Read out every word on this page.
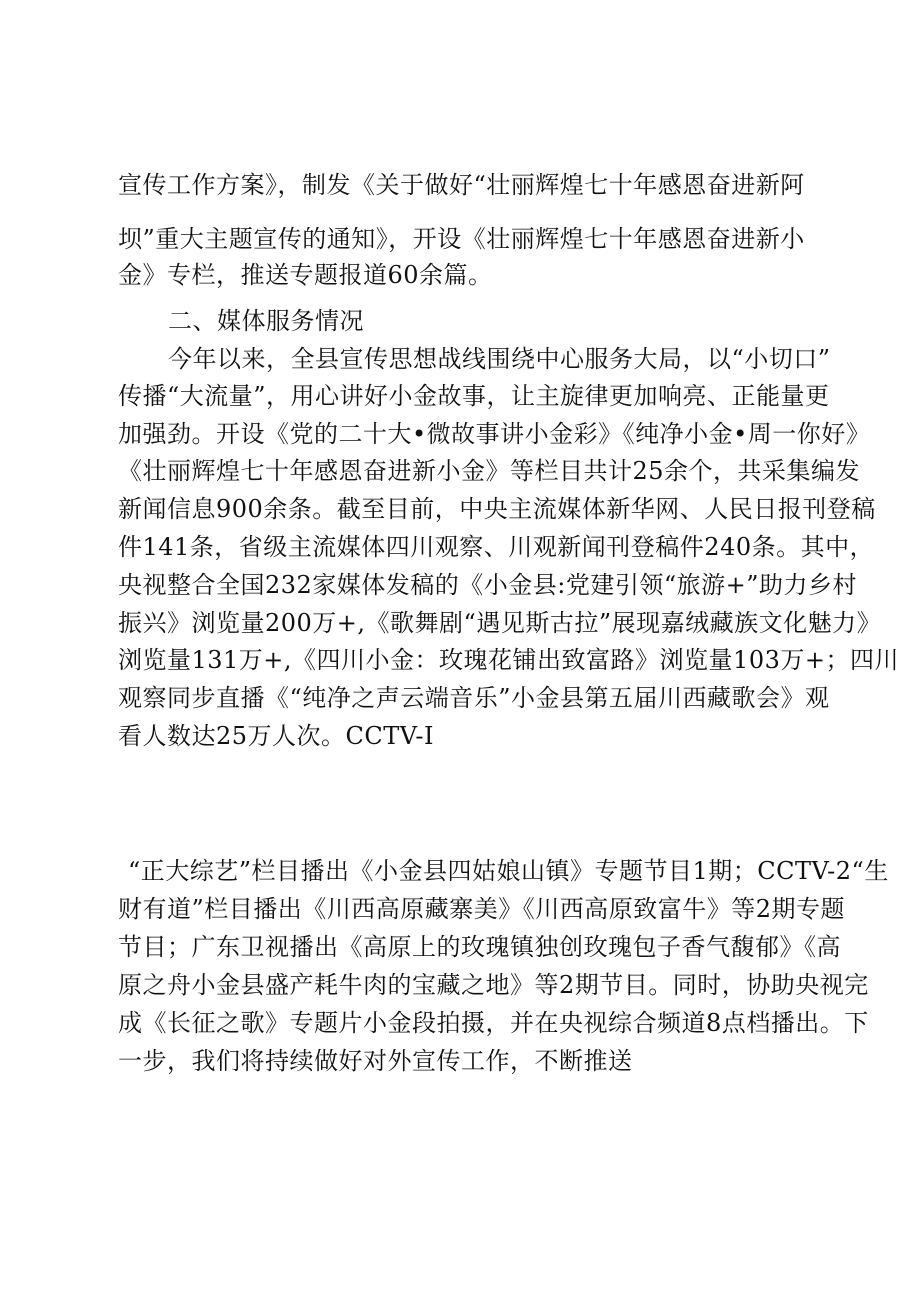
宣传工作方案》，制发《关于做好“壮丽辉煌七十年感恩奋进新阿
坝”重大主题宣传的通知》，开设《壮丽辉煌七十年感恩奋进新小
金》专栏，推送专题报道60余篇。
二、媒体服务情况
今年以来，全县宣传思想战线围绕中心服务大局，以“小切口”
传播“大流量”，用心讲好小金故事，让主旋律更加响亮、正能量更
加强劲。开设《党的二十大•微故事讲小金彩》《纯净小金•周一你好》
《壮丽辉煌七十年感恩奋进新小金》等栏目共计25余个，共采集编发
新闻信息900余条。截至目前，中央主流媒体新华网、人民日报刊登稿
件141条，省级主流媒体四川观察、川观新闻刊登稿件240条。其中，
央视整合全国232家媒体发稿的《小金县:党建引领“旅游+”助力乡村
振兴》浏览量200万+,《歌舞剧“遇见斯古拉”展现嘉绒藏族文化魅力》
浏览量131万+,《四川小金：玫瑰花铺出致富路》浏览量103万+；四川
观察同步直播《“纯净之声云端音乐”小金县第五届川西藏歌会》观
看人数达25万人次。CCTV-I
“正大综艺”栏目播出《小金县四姑娘山镇》专题节目1期；CCTV-2“生
财有道”栏目播出《川西高原藏寨美》《川西高原致富牛》等2期专题
节目；广东卫视播出《高原上的玫瑰镇独创玫瑰包子香气馥郁》《高
原之舟小金县盛产耗牛肉的宝藏之地》等2期节目。同时，协助央视完
成《长征之歌》专题片小金段拍摄，并在央视综合频道8点档播出。下
一步，我们将持续做好对外宣传工作，不断推送
